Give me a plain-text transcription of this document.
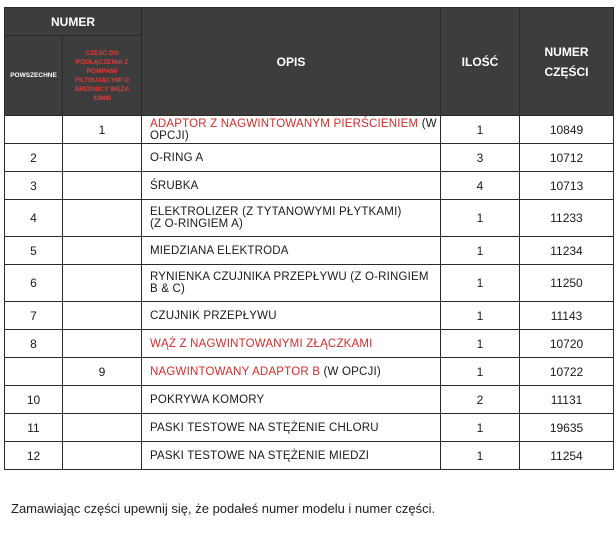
NUMER		OPIS	ILOŚĆ	NUMER
CZĘŚCI

POWSZECHNE	CZĘŚĆ DO PODŁĄCZENIA Z POMPAMI FILTRUJĄCYMI O ŚREDNICY WĘŻA 32MM			
	1	ADAPTOR Z NAGWINTOWANYM PIERŚCIENIEM (W OPCJI)	1	10849
2		O-RING A	3	10712
3		ŚRUBKA	4	10713
4		ELEKTROLIZER (Z TYTANOWYMI PŁYTKAMI)
(Z O-RINGIEM A)	1	11233
5		MIEDZIANA ELEKTRODA	1	11234
6		RYNIENKA CZUJNIKA PRZEPŁYWU (Z O-RINGIEM
B & C)	1	11250
7		CZUJNIK PRZEPŁYWU	1	11143
8		WĄŻ Z NAGWINTOWANYMI ZŁĄCZKAMI	1	10720
	9	NAGWINTOWANY ADAPTOR B (W OPCJI)	1	10722
10		POKRYWA KOMORY	2	11131
11		PASKI TESTOWE NA STĘŻENIE CHLORU	1	19635
12		PASKI TESTOWE NA STĘŻENIE MIEDZI	1	11254
Zamawiając części upewnij się, że podałeś numer modelu i numer części.
